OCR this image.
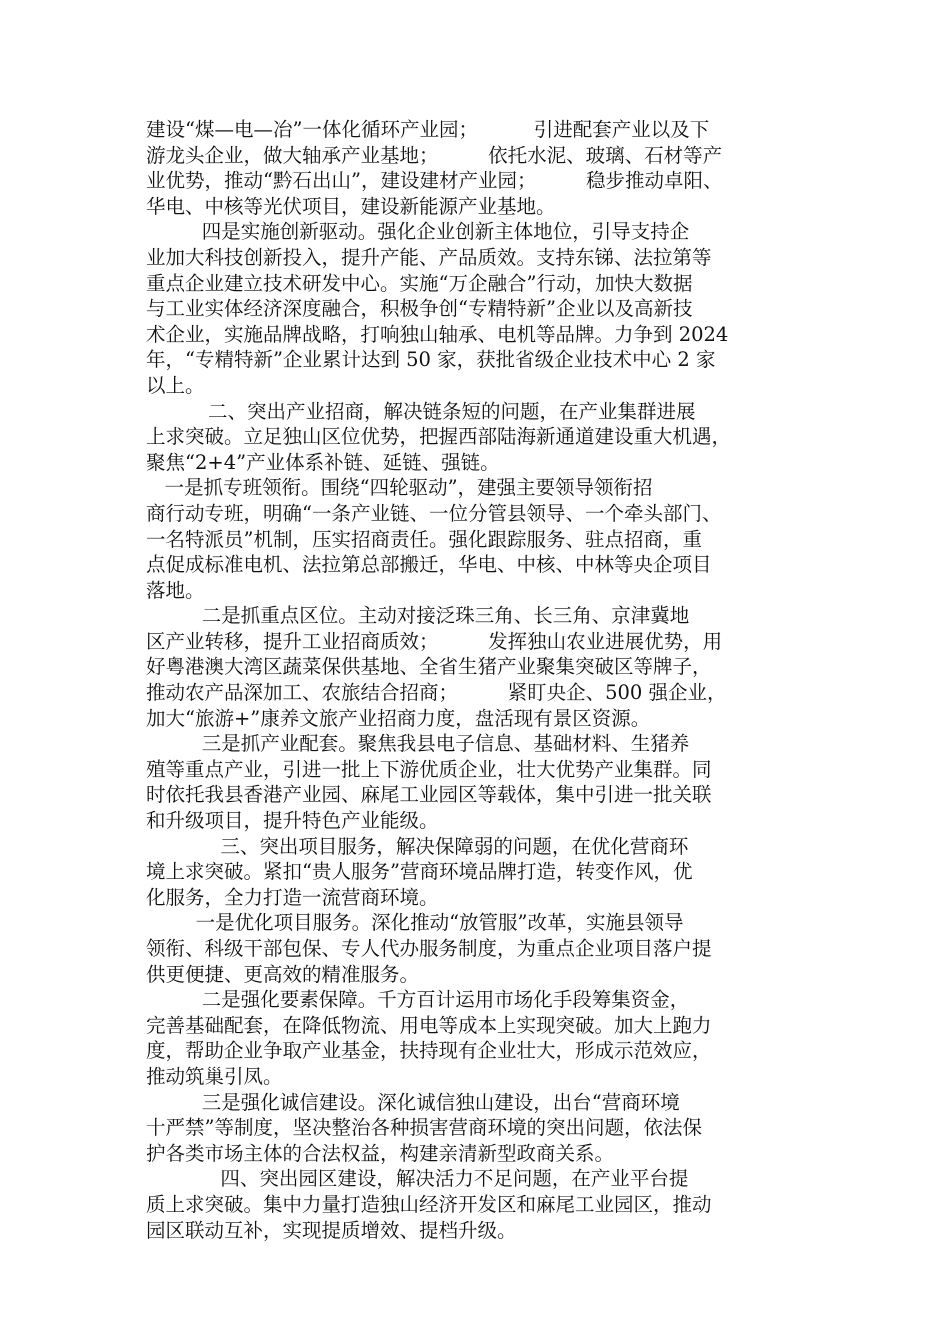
建设“煤—电—冶”一体化循环产业园；         引进配套产业以及下
游龙头企业，做大轴承产业基地；        依托水泥、玻璃、石材等产
业优势，推动“黔石出山”，建设建材产业园；        稳步推动卓阳、
华电、中核等光伏项目，建设新能源产业基地。
四是实施创新驱动。强化企业创新主体地位，引导支持企
业加大科技创新投入，提升产能、产品质效。支持东锑、法拉第等
重点企业建立技术研发中心。实施“万企融合”行动，加快大数据
与工业实体经济深度融合，积极争创“专精特新”企业以及高新技
术企业，实施品牌战略，打响独山轴承、电机等品牌。力争到 2024
年，“专精特新”企业累计达到 50 家，获批省级企业技术中心 2 家
以上。
二、突出产业招商，解决链条短的问题，在产业集群进展
上求突破。立足独山区位优势，把握西部陆海新通道建设重大机遇，
聚焦“2+4”产业体系补链、延链、强链。
一是抓专班领衔。围绕“四轮驱动”，建强主要领导领衔招
商行动专班，明确“一条产业链、一位分管县领导、一个牵头部门、
一名特派员”机制，压实招商责任。强化跟踪服务、驻点招商，重
点促成标准电机、法拉第总部搬迁，华电、中核、中林等央企项目
落地。
二是抓重点区位。主动对接泛珠三角、长三角、京津冀地
区产业转移，提升工业招商质效；        发挥独山农业进展优势，用
好粤港澳大湾区蔬菜保供基地、全省生猪产业聚集突破区等牌子，
推动农产品深加工、农旅结合招商；        紧盯央企、500 强企业，
加大“旅游+”康养文旅产业招商力度，盘活现有景区资源。
三是抓产业配套。聚焦我县电子信息、基础材料、生猪养
殖等重点产业，引进一批上下游优质企业，壮大优势产业集群。同
时依托我县香港产业园、麻尾工业园区等载体，集中引进一批关联
和升级项目，提升特色产业能级。
三、突出项目服务，解决保障弱的问题，在优化营商环
境上求突破。紧扣“贵人服务”营商环境品牌打造，转变作风，优
化服务，全力打造一流营商环境。
一是优化项目服务。深化推动“放管服”改革，实施县领导
领衔、科级干部包保、专人代办服务制度，为重点企业项目落户提
供更便捷、更高效的精准服务。
二是强化要素保障。千方百计运用市场化手段筹集资金，
完善基础配套，在降低物流、用电等成本上实现突破。加大上跑力
度，帮助企业争取产业基金，扶持现有企业壮大，形成示范效应，
推动筑巢引凤。
三是强化诚信建设。深化诚信独山建设，出台“营商环境
十严禁”等制度，坚决整治各种损害营商环境的突出问题，依法保
护各类市场主体的合法权益，构建亲清新型政商关系。
四、突出园区建设，解决活力不足问题，在产业平台提
质上求突破。集中力量打造独山经济开发区和麻尾工业园区，推动
园区联动互补，实现提质增效、提档升级。
